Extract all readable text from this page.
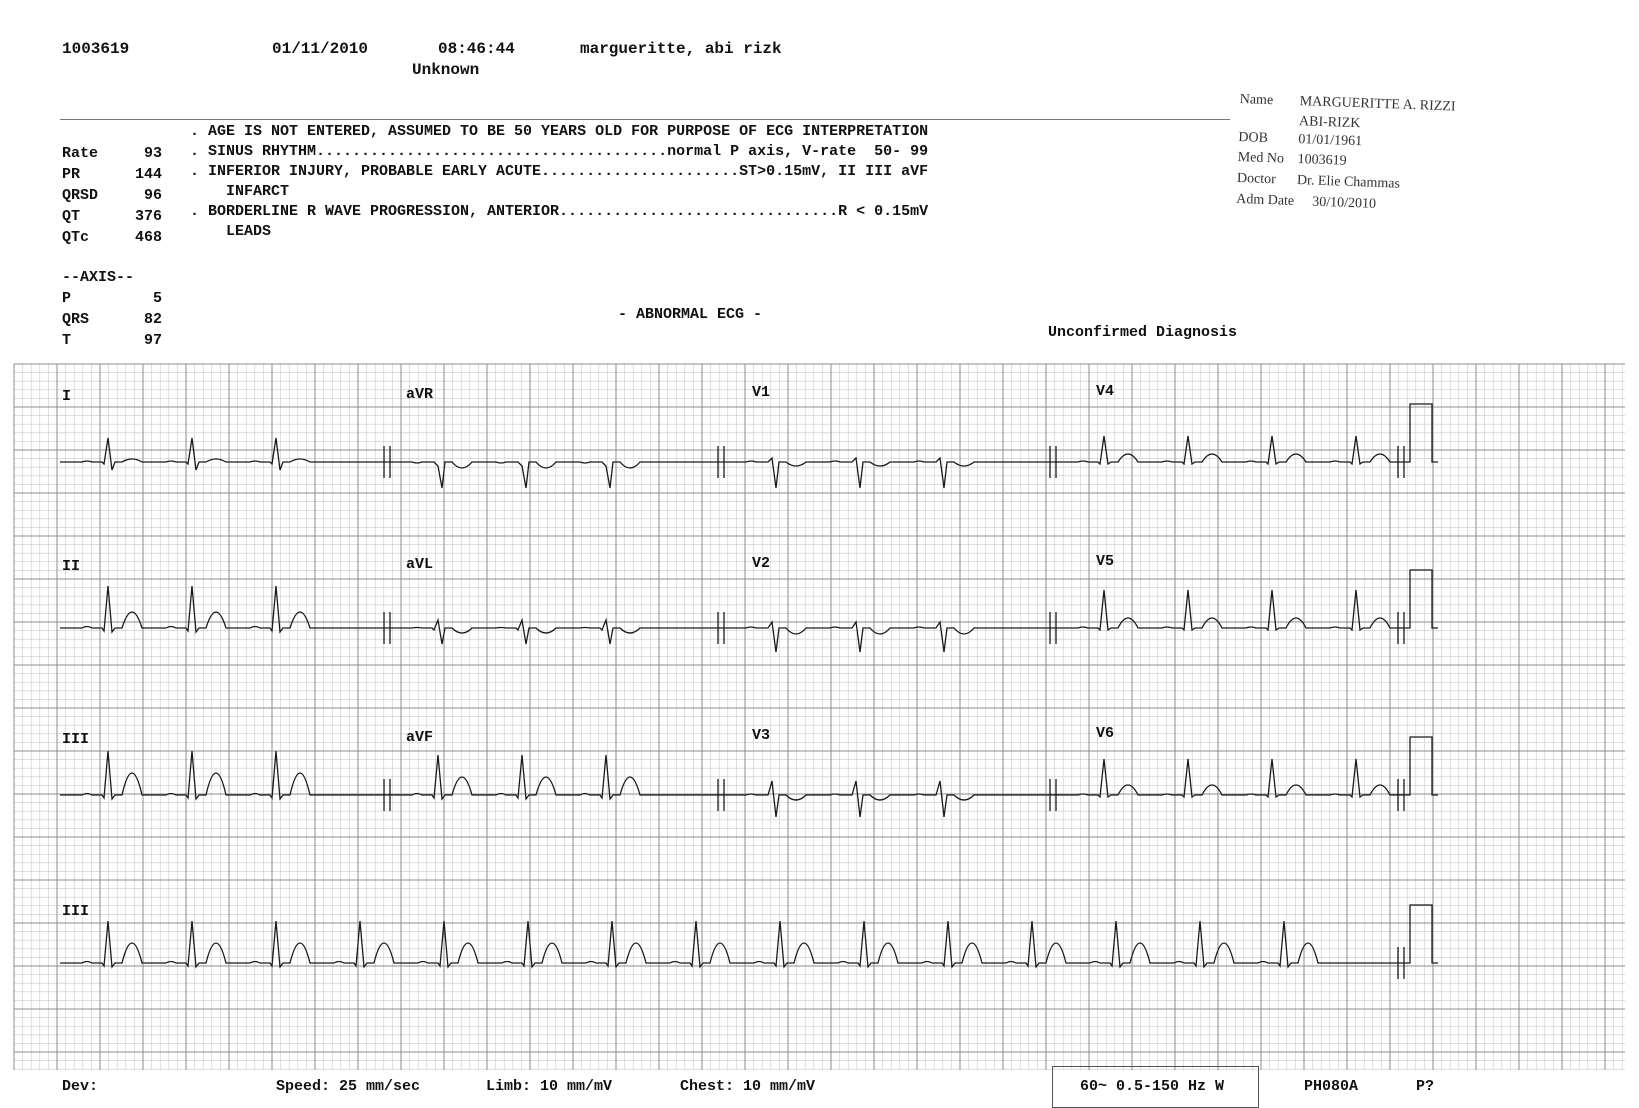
1003619	01/11/2010	08:46:44	margueritte, abi rizk
Unknown
Rate	93
PR	144
QRSD	96
QT	376
QTc	468
--AXIS--
P	5
QRS	82
T	97
. AGE IS NOT ENTERED, ASSUMED TO BE 50 YEARS OLD FOR PURPOSE OF ECG INTERPRETATION
. SINUS RHYTHM.......................................normal P axis, V-rate  50- 99
. INFERIOR INJURY, PROBABLE EARLY ACUTE......................ST>0.15mV, II III aVF
INFARCT
. BORDERLINE R WAVE PROGRESSION, ANTERIOR...............................R < 0.15mV
LEADS
- ABNORMAL ECG -
Unconfirmed Diagnosis
Name MARGUERITTE A. RIZZI
ABI-RIZK
DOB 01/01/1961
Med No 1003619
Doctor Dr. Elie Chammas
Adm Date 30/10/2010
I	aVR	V1	V4
II	aVL	V2	V5
III	aVF	V3	V6
III
Dev:	Speed: 25 mm/sec	Limb: 10 mm/mV	Chest: 10 mm/mV	60~ 0.5-150 Hz W	PH080A	P?
